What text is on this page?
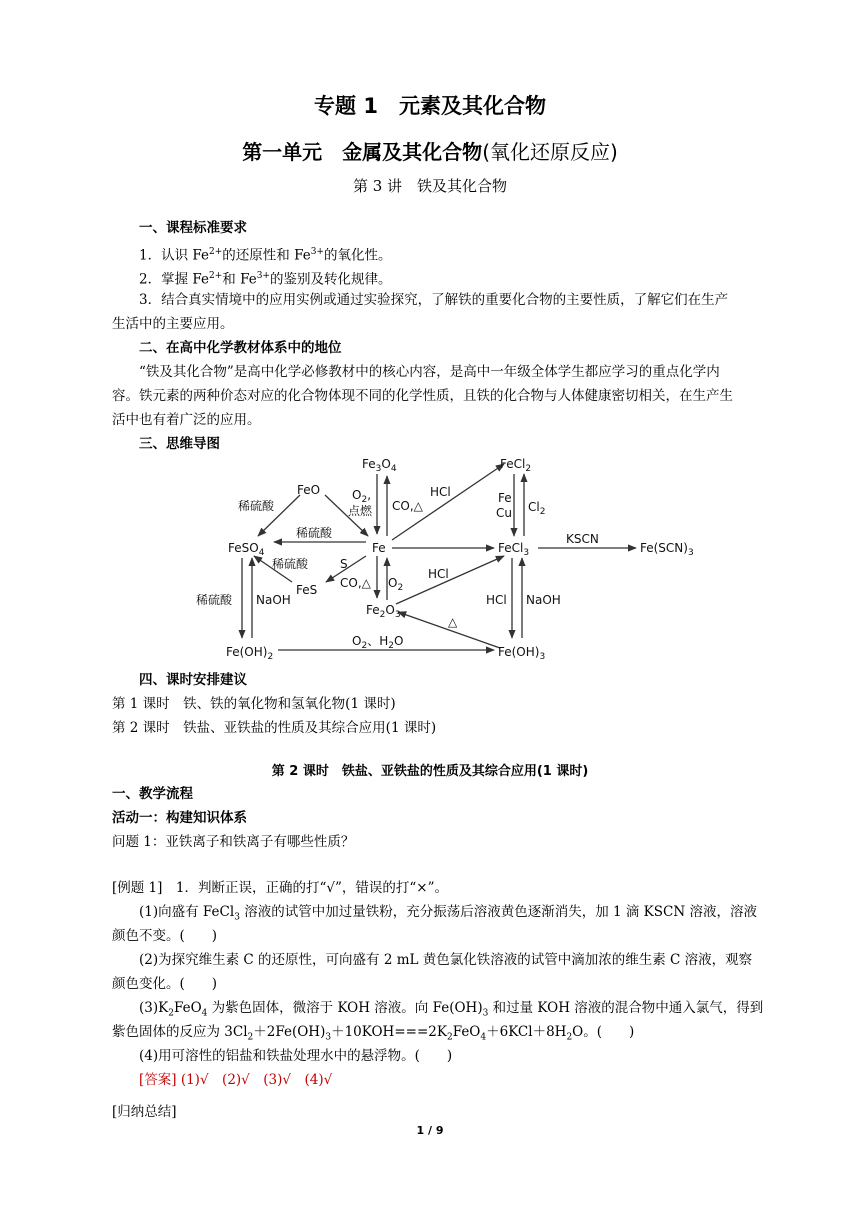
专题 1　元素及其化合物
第一单元　金属及其化合物(氧化还原反应)
第 3 讲　铁及其化合物
一、课程标准要求
1．认识 $Fe^{2+}$的还原性和 $Fe^{3+}$的氧化性。
2．掌握 $Fe^{2+}$和 $Fe^{3+}$的鉴别及转化规律。
3．结合真实情境中的应用实例或通过实验探究，了解铁的重要化合物的主要性质，了解它们在生产
生活中的主要应用。
二、在高中化学教材体系中的地位
“铁及其化合物”是高中化学必修教材中的核心内容，是高中一年级全体学生都应学习的重点化学内
容。铁元素的两种价态对应的化合物体现不同的化学性质，且铁的化合物与人体健康密切相关，在生产生
活中也有着广泛的应用。
三、思维导图
$Fe_3O_4$	FeCl$_2$
FeO
稀硫酸
$O_2$,
点燃 CO,△
HCl	Fe
Cu $Cl_2$
稀硫酸
FeSO$_4$	Fe	FeCl$_3$
KSCN
$Fe(SCN)_3$
稀硫酸	S
FeS CO,△ $O_2$
HCl
$Fe_2O_3$
稀硫酸 NaOH	HCl NaOH
△
$O_2$、$H_2O$
$Fe(OH)_2$	$Fe(OH)_3$
四、课时安排建议
第 1 课时　铁、铁的氧化物和氢氧化物(1 课时)
第 2 课时　铁盐、亚铁盐的性质及其综合应用(1 课时)
第 2 课时　铁盐、亚铁盐的性质及其综合应用(1 课时)
一、教学流程
活动一：构建知识体系
问题 1：亚铁离子和铁离子有哪些性质？
[例题 1]　1．判断正误，正确的打“√”，错误的打“×”。
(1)向盛有 FeCl$_3$ 溶液的试管中加过量铁粉，充分振荡后溶液黄色逐渐消失，加 1 滴 KSCN 溶液，溶液
颜色不变。(　　)
(2)为探究维生素 C 的还原性，可向盛有 2 mL 黄色氯化铁溶液的试管中滴加浓的维生素 C 溶液，观察
颜色变化。(　　)
$(3)K_2FeO_4$ 为紫色固体，微溶于 KOH 溶液。向 $Fe(OH)_3$ 和过量 KOH 溶液的混合物中通入氯气，得到
紫色固体的反应为 $3Cl_2+2Fe(OH)_3+10KOH===2K_2FeO_4+6KCl+8H_2O$。(　　)
(4)用可溶性的铝盐和铁盐处理水中的悬浮物。(　　)
[答案] (1)√　(2)√　(3)√　(4)√
[归纳总结]
1 / 9
